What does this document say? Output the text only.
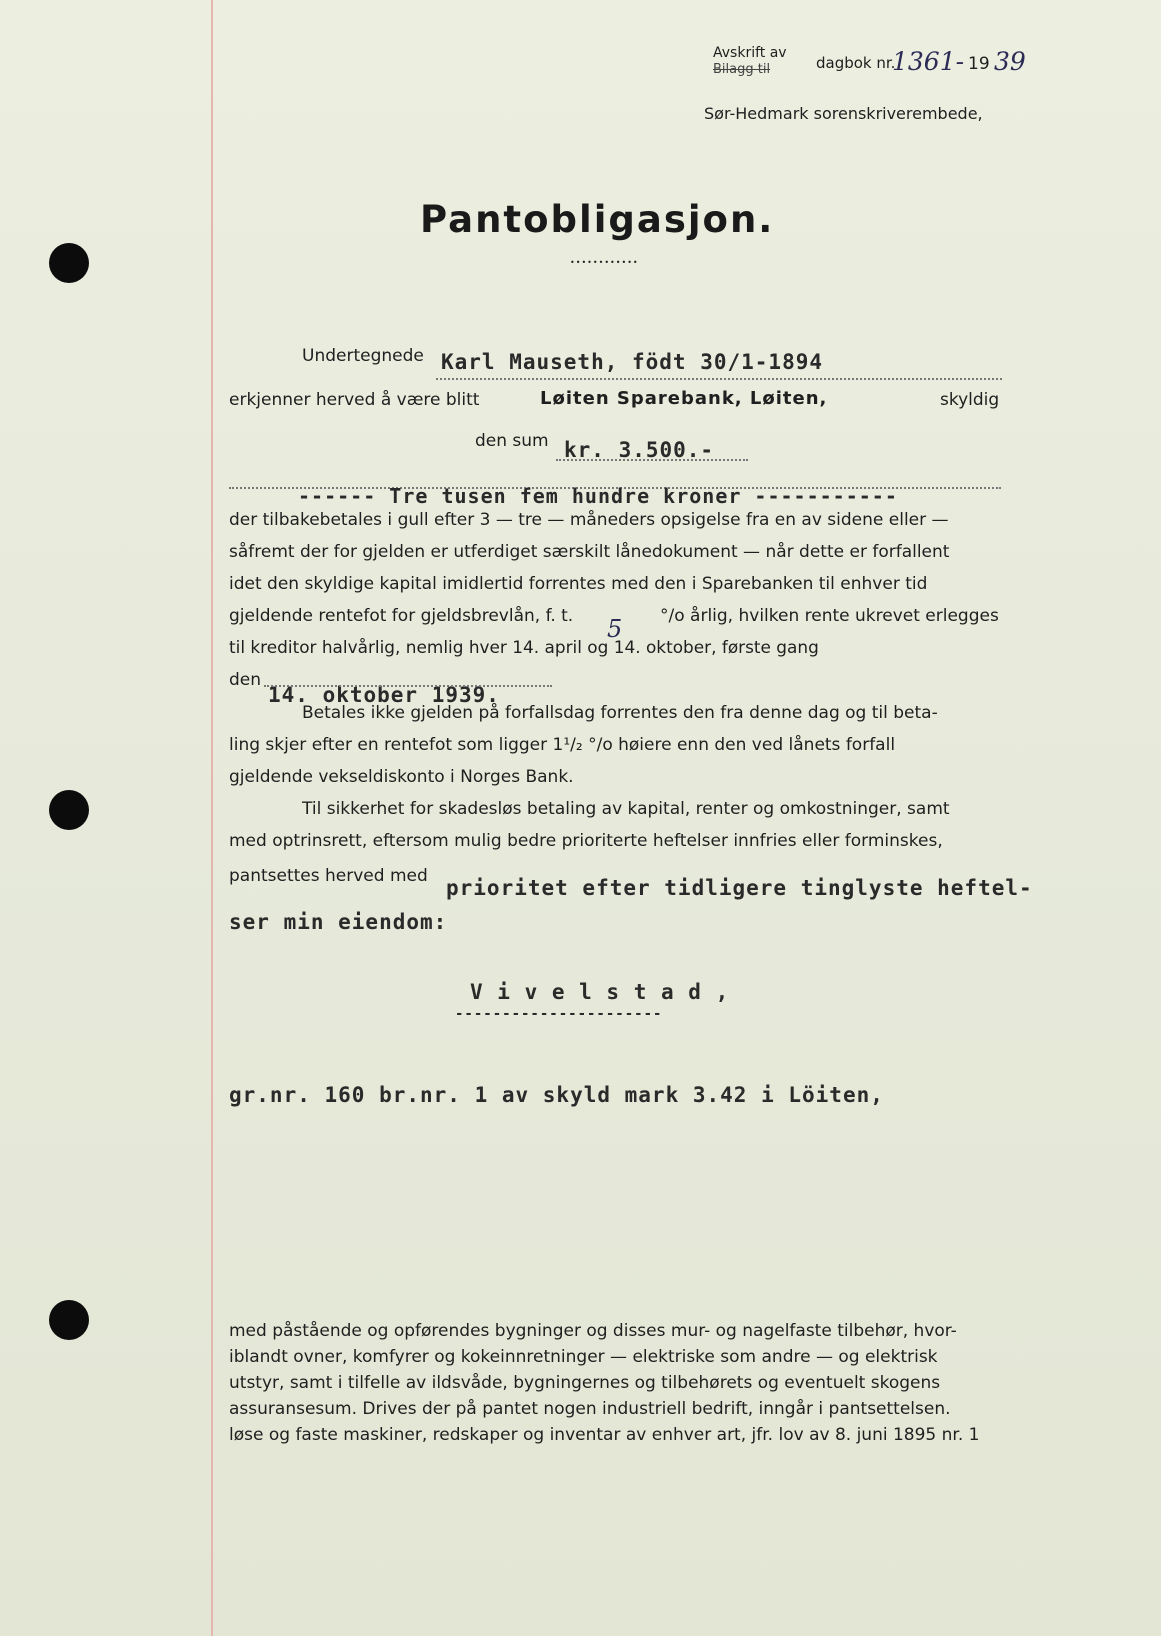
Avskrift av
Bilagg til	dagbok nr.
1361- 19 39
Sør-Hedmark sorenskriverembede,
Pantobligasjon.
••••••••••••
Undertegnede Karl Mauseth, födt 30/1-1894
erkjenner herved å være blitt	Løiten Sparebank, Løiten,	skyldig
den sum kr. 3.500.-
------ Tre tusen fem hundre kroner -----------
der tilbakebetales i gull efter 3 — tre — måneders opsigelse fra en av sidene eller —
såfremt der for gjelden er utferdiget særskilt lånedokument — når dette er forfallent
idet den skyldige kapital imidlertid forrentes med den i Sparebanken til enhver tid
gjeldende rentefot for gjeldsbrevlån, f. t. 5 °/o årlig, hvilken rente ukrevet erlegges
til kreditor halvårlig, nemlig hver 14. april og 14. oktober, første gang
den
14. oktober 1939.
Betales ikke gjelden på forfallsdag forrentes den fra denne dag og til beta-
ling skjer efter en rentefot som ligger 1¹/₂ °/o høiere enn den ved lånets forfall
gjeldende vekseldiskonto i Norges Bank.
Til sikkerhet for skadesløs betaling av kapital, renter og omkostninger, samt
med optrinsrett, eftersom mulig bedre prioriterte heftelser innfries eller forminskes,
pantsettes herved med prioritet efter tidligere tinglyste heftel-
ser min eiendom:
V i v e l s t a d ,
----------------------
gr.nr. 160 br.nr. 1 av skyld mark 3.42 i Löiten,
med påstående og opførendes bygninger og disses mur- og nagelfaste tilbehør, hvor-
iblandt ovner, komfyrer og kokeinnretninger — elektriske som andre — og elektrisk
utstyr, samt i tilfelle av ildsvåde, bygningernes og tilbehørets og eventuelt skogens
assuransesum. Drives der på pantet nogen industriell bedrift, inngår i pantsettelsen.
løse og faste maskiner, redskaper og inventar av enhver art, jfr. lov av 8. juni 1895 nr. 1
